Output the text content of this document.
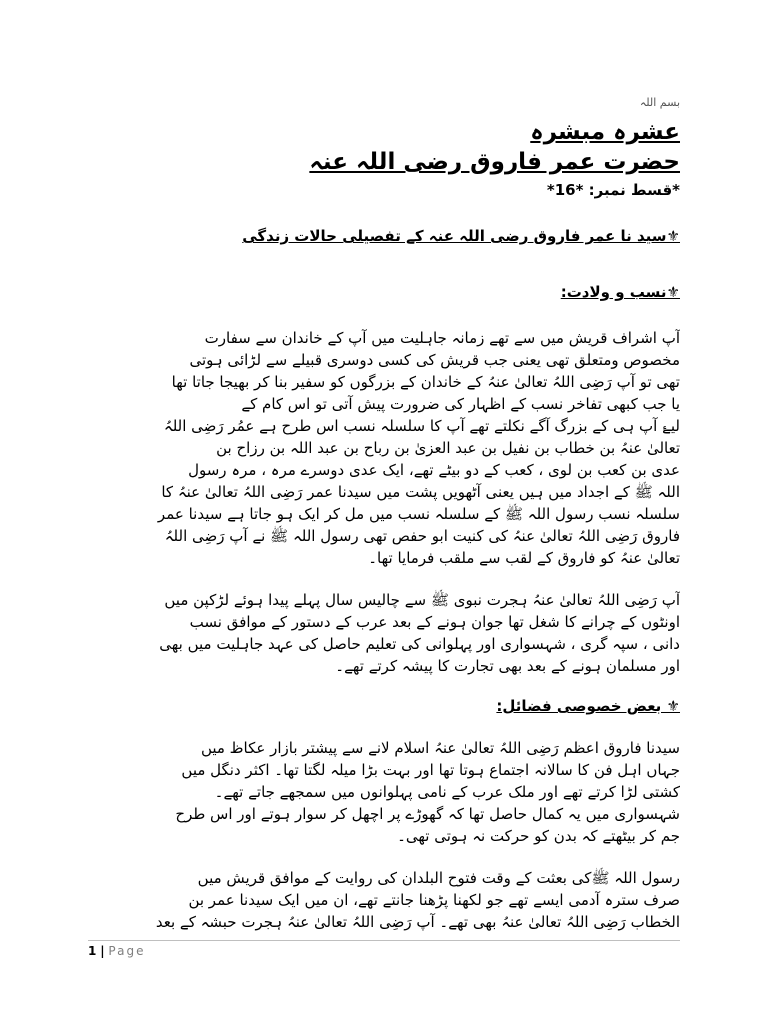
بسم اللہ
عشرہ مبشرہ
حضرت عمر فاروق رضی اللہ عنہ
*قسط نمبر: *16*
⚜سید نا عمر فاروق رضی اللہ عنہ کے تفصیلی حالات زندگی
⚜نسب و ولادت:
آپ اشراف قریش میں سے تھے زمانہ جاہلیت میں آپ کے خاندان سے سفارت
مخصوص ومتعلق تھی یعنی جب قریش کی کسی دوسری قبیلے سے لڑائی ہوتی
تھی تو آپ رَضِی اللہُ تعالیٰ عنہُ کے خاندان کے بزرگوں کو سفیر بنا کر بھیجا جاتا تھا
یا جب کبھی تفاخر نسب کے اظہار کی ضرورت پیش آتی تو اس کام کے
لیۓ آپ ہی کے بزرگ آگے نکلتے تھے آپ کا سلسلہ نسب اس طرح ہے عمُر رَضِی اللہُ
تعالیٰ عنہُ بن خطاب بن نفیل بن عبد العزیٰ بن رباح بن عبد اللہ بن رزاح بن
عدی بن کعب بن لوی ، کعب کے دو بیٹے تھے، ایک عدی دوسرے مرہ ، مرہ رسول
اللہ ﷺ کے اجداد میں ہیں یعنی آٹھویں پشت میں سیدنا عمر رَضِی اللہُ تعالیٰ عنہُ کا
سلسلہ نسب رسول اللہ ﷺ کے سلسلہ نسب میں مل کر ایک ہو جاتا ہے سیدنا عمر
فاروق رَضِی اللہُ تعالیٰ عنہُ کی کنیت ابو حفص تھی رسول اللہ ﷺ نے آپ رَضِی اللہُ
تعالیٰ عنہُ کو فاروق کے لقب سے ملقب فرمایا تھا۔
آپ رَضِی اللہُ تعالیٰ عنہُ ہجرت نبوی ﷺ سے چالیس سال پہلے پیدا ہوئے لڑکپن میں
اونٹوں کے چرانے کا شغل تھا جوان ہونے کے بعد عرب کے دستور کے موافق نسب
دانی ، سپہ گری ، شہسواری اور پہلوانی کی تعلیم حاصل کی عہد جاہلیت میں بھی
اور مسلمان ہونے کے بعد بھی تجارت کا پیشہ کرتے تھے۔
⚜ بعض خصوصی فضائل:
سیدنا فاروق اعظم رَضِی اللہُ تعالیٰ عنہُ اسلام لانے سے پیشتر بازار عکاظ میں
جہاں اہل فن کا سالانہ اجتماع ہوتا تھا اور بہت بڑا میلہ لگتا تھا۔ اکثر دنگل میں
کشتی لڑا کرتے تھے اور ملک عرب کے نامی پہلوانوں میں سمجھے جاتے تھے۔
شہسواری میں یہ کمال حاصل تھا کہ گھوڑے پر اچھل کر سوار ہوتے اور اس طرح
جم کر بیٹھتے کہ بدن کو حرکت نہ ہوتی تھی۔
رسول اللہ ﷺکی بعثت کے وقت فتوح البلدان کی روایت کے موافق قریش میں
صرف سترہ آدمی ایسے تھے جو لکھنا پڑھنا جانتے تھے، ان میں ایک سیدنا عمر بن
الخطاب رَضِی اللہُ تعالیٰ عنہُ بھی تھے۔ آپ رَضِی اللہُ تعالیٰ عنہُ ہجرت حبشہ کے بعد
1 | Page
